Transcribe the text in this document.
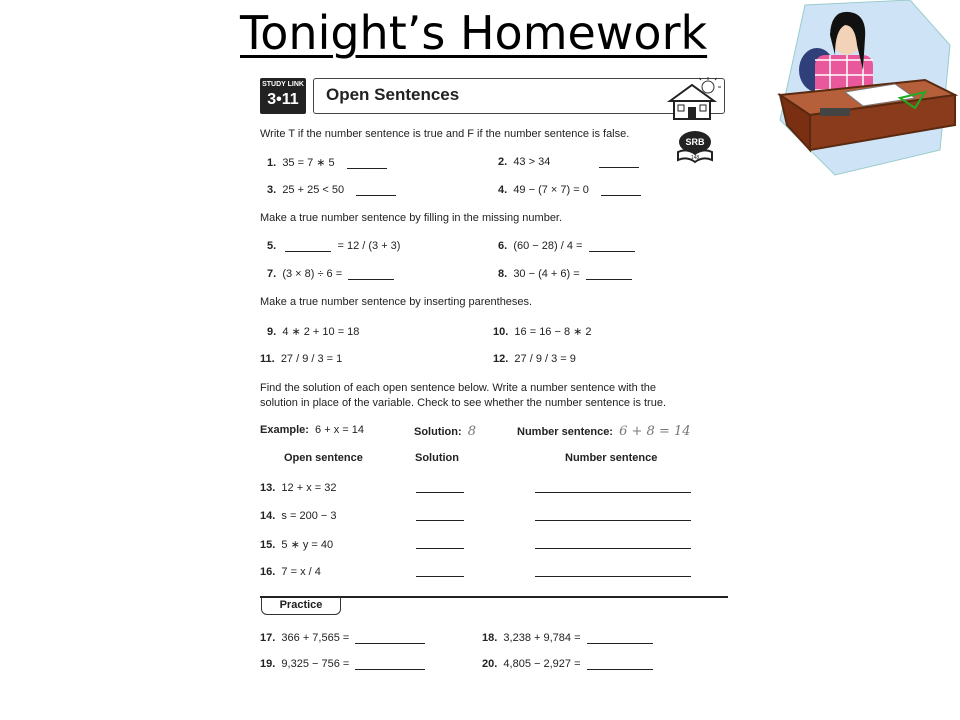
Tonight’s Homework
STUDY LINK
3•11	Open Sentences
SRB
148
Write T if the number sentence is true and F if the number sentence is false.
1. 35 = 7 ∗ 5	2. 43 > 34
3. 25 + 25 < 50	4. 49 − (7 × 7) = 0
Make a true number sentence by filling in the missing number.
5.	= 12 / (3 + 3)	6. (60 − 28) / 4 =
7. (3 × 8) ÷ 6 =	8. 30 − (4 + 6) =
Make a true number sentence by inserting parentheses.
9. 4 ∗ 2 + 10 = 18	10. 16 = 16 − 8 ∗ 2
11. 27 / 9 / 3 = 1	12. 27 / 9 / 3 = 9
Find the solution of each open sentence below. Write a number sentence with the
solution in place of the variable. Check to see whether the number sentence is true.
Example: 6 + x = 14	Solution: 8	Number sentence: 6 + 8 = 14
Open sentence	Solution	Number sentence
13. 12 + x = 32
14. s = 200 − 3
15. 5 ∗ y = 40
16. 7 = x / 4
Practice
17. 366 + 7,565 =	18. 3,238 + 9,784 =
19. 9,325 − 756 =	20. 4,805 − 2,927 =
